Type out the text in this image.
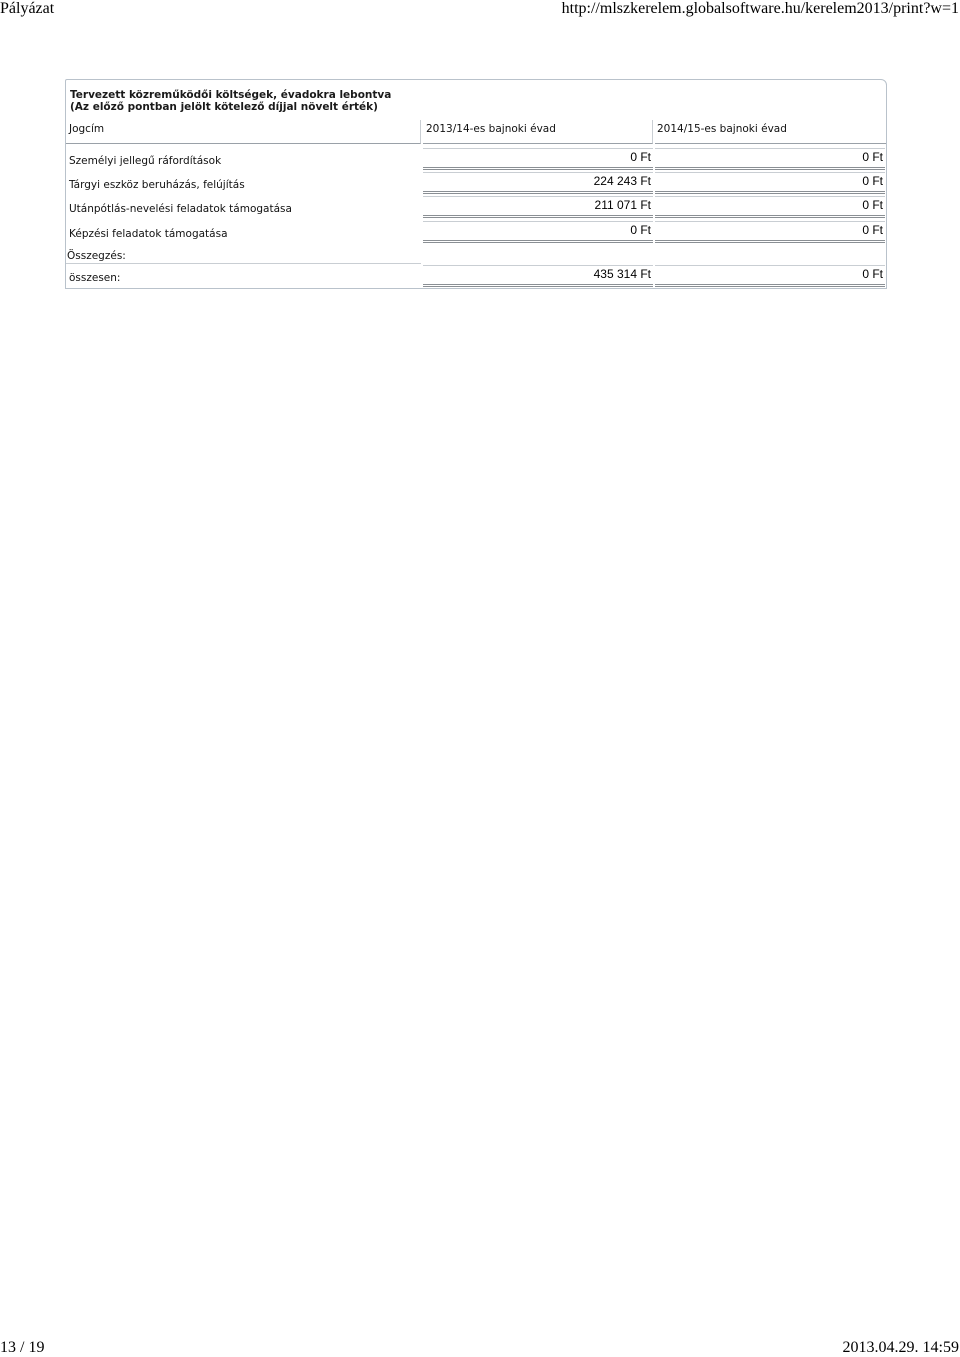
Pályázat	http://mlszkerelem.globalsoftware.hu/kerelem2013/print?w=1
Tervezett közreműködői költségek, évadokra lebontva
(Az előző pontban jelölt kötelező díjjal növelt érték)
Jogcím	2013/14-es bajnoki évad	2014/15-es bajnoki évad
Személyi jellegű ráfordítások	0 Ft	0 Ft
Tárgyi eszköz beruházás, felújítás	224 243 Ft	0 Ft
Utánpótlás-nevelési feladatok támogatása	211 071 Ft	0 Ft
Képzési feladatok támogatása	0 Ft	0 Ft
Összegzés:
összesen:	435 314 Ft	0 Ft
13 / 19	2013.04.29. 14:59
